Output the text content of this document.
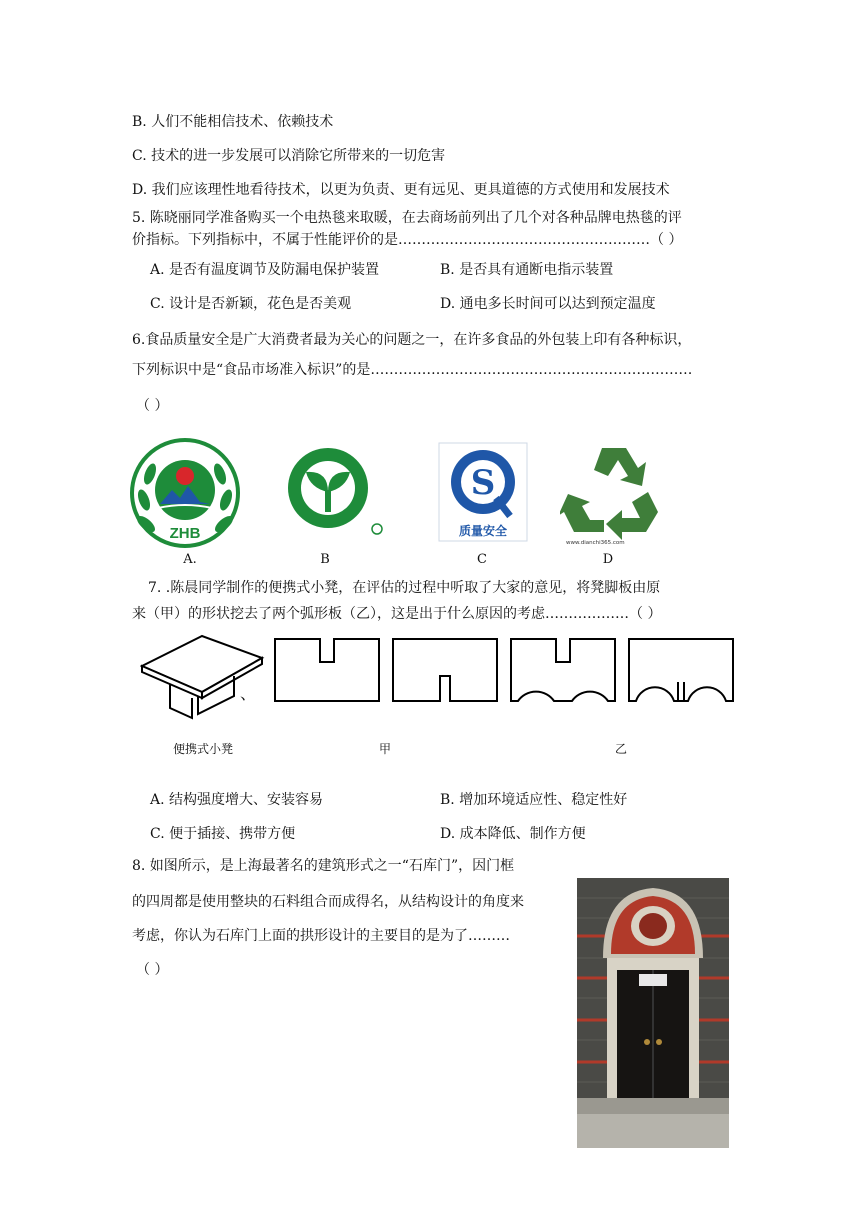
B. 人们不能相信技术、依赖技术
C. 技术的进一步发展可以消除它所带来的一切危害
D. 我们应该理性地看待技术，以更为负责、更有远见、更具道德的方式使用和发展技术
5. 陈晓丽同学准备购买一个电热毯来取暖，在去商场前列出了几个对各种品牌电热毯的评
价指标。下列指标中，不属于性能评价的是………………………………………………（ ）
A. 是否有温度调节及防漏电保护装置	B. 是否具有通断电指示装置
C. 设计是否新颖，花色是否美观	D. 通电多长时间可以达到预定温度
6.食品质量安全是广大消费者最为关心的问题之一，在许多食品的外包装上印有各种标识，
下列标识中是“食品市场准入标识”的是……………………………………………………………
（ ）
ZHB
A.	B
S
质量安全
C
www.dianchi365.com
D
7. .陈晨同学制作的便携式小凳，在评估的过程中听取了大家的意见，将凳脚板由原
来（甲）的形状挖去了两个弧形板（乙），这是出于什么原因的考虑………………（ ）
、
便携式小凳	甲	乙
A. 结构强度增大、安装容易	B. 增加环境适应性、稳定性好
C. 便于插接、携带方便	D. 成本降低、制作方便
8. 如图所示，是上海最著名的建筑形式之一“石库门”，因门框
的四周都是使用整块的石料组合而成得名，从结构设计的角度来
考虑，你认为石库门上面的拱形设计的主要目的是为了………
（ ）
